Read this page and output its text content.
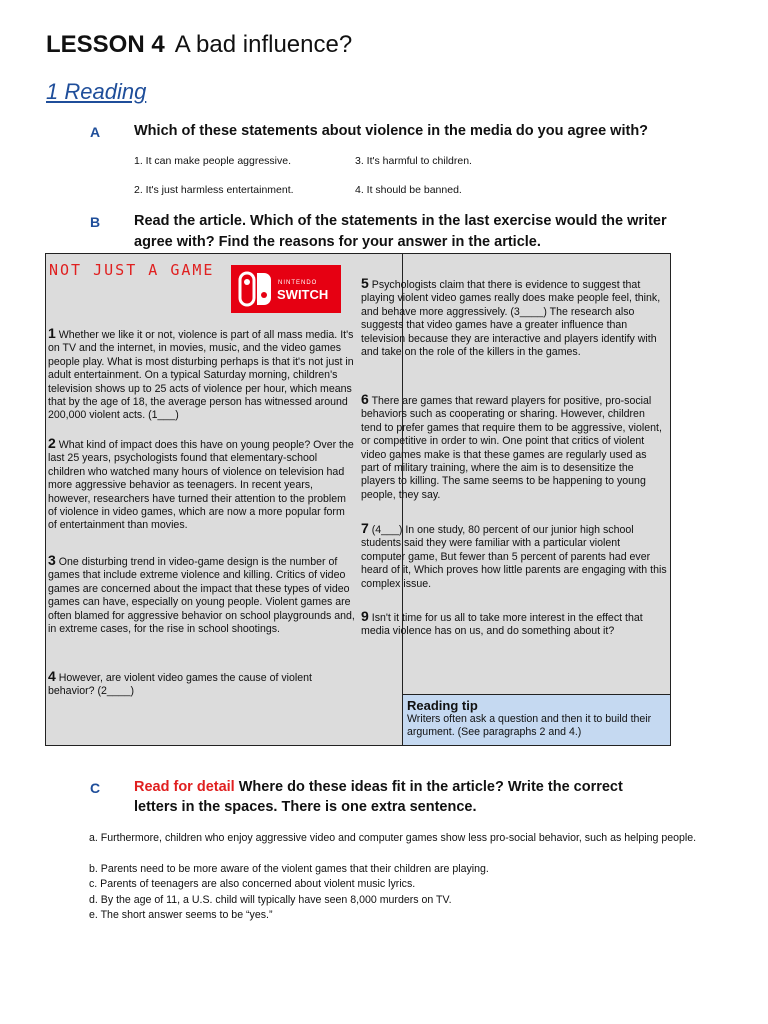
LESSON 4 A bad influence?
1 Reading
A Which of these statements about violence in the media do you agree with?
1. It can make people aggressive.	3. It's harmful to children.
2. It's just harmless entertainment.	4. It should be banned.
B Read the article. Which of the statements in the last exercise would the writer
agree with? Find the reasons for your answer in the article.
NOT JUST A GAME
NINTENDO
SWITCH
1 Whether we like it or not, violence is part of all mass media. It's on TV and the internet, in movies, music, and the video games people play. What is most disturbing perhaps is that it's not just in adult entertainment. On a typical Saturday morning, children's television shows up to 25 acts of violence per hour, which means that by the age of 18, the average person has witnessed around 200,000 violent acts. (1___)
2 What kind of impact does this have on young people? Over the last 25 years, psychologists found that elementary-school children who watched many hours of violence on television had more aggressive behavior as teenagers. In recent years, however, researchers have turned their attention to the problem of violence in video games, which are now a more popular form of entertainment than movies.
3 One disturbing trend in video-game design is the number of games that include extreme violence and killing. Critics of video games are concerned about the impact that these types of video games can have, especially on young people. Violent games are often blamed for aggressive behavior on school playgrounds and, in extreme cases, for the rise in school shootings.
4 However, are violent video games the cause of violent behavior? (2____)
5 Psychologists claim that there is evidence to suggest that playing violent video games really does make people feel, think, and behave more aggressively. (3____) The research also suggests that video games have a greater influence than television because they are interactive and players identify with and take on the role of the killers in the games.
6 There are games that reward players for positive, pro-social behaviors such as cooperating or sharing. However, children tend to prefer games that require them to be aggressive, violent, or competitive in order to win. One point that critics of violent video games make is that these games are regularly used as part of military training, where the aim is to desensitize the players to killing. The same seems to be happening to young people, they say.
7 (4___) In one study, 80 percent of our junior high school students said they were familiar with a particular violent computer game, But fewer than 5 percent of parents had ever heard of it, Which proves how little parents are engaging with this complex issue.
9 Isn't it time for us all to take more interest in the effect that media violence has on us, and do something about it?
Reading tip
Writers often ask a question and then it to build their argument. (See paragraphs 2 and 4.)
C Read for detail Where do these ideas fit in the article? Write the correct
letters in the spaces. There is one extra sentence.
a. Furthermore, children who enjoy aggressive video and computer games show less pro-social behavior, such as helping people.
b. Parents need to be more aware of the violent games that their children are playing.
c. Parents of teenagers are also concerned about violent music lyrics.
d. By the age of 11, a U.S. child will typically have seen 8,000 murders on TV.
e. The short answer seems to be “yes.”
